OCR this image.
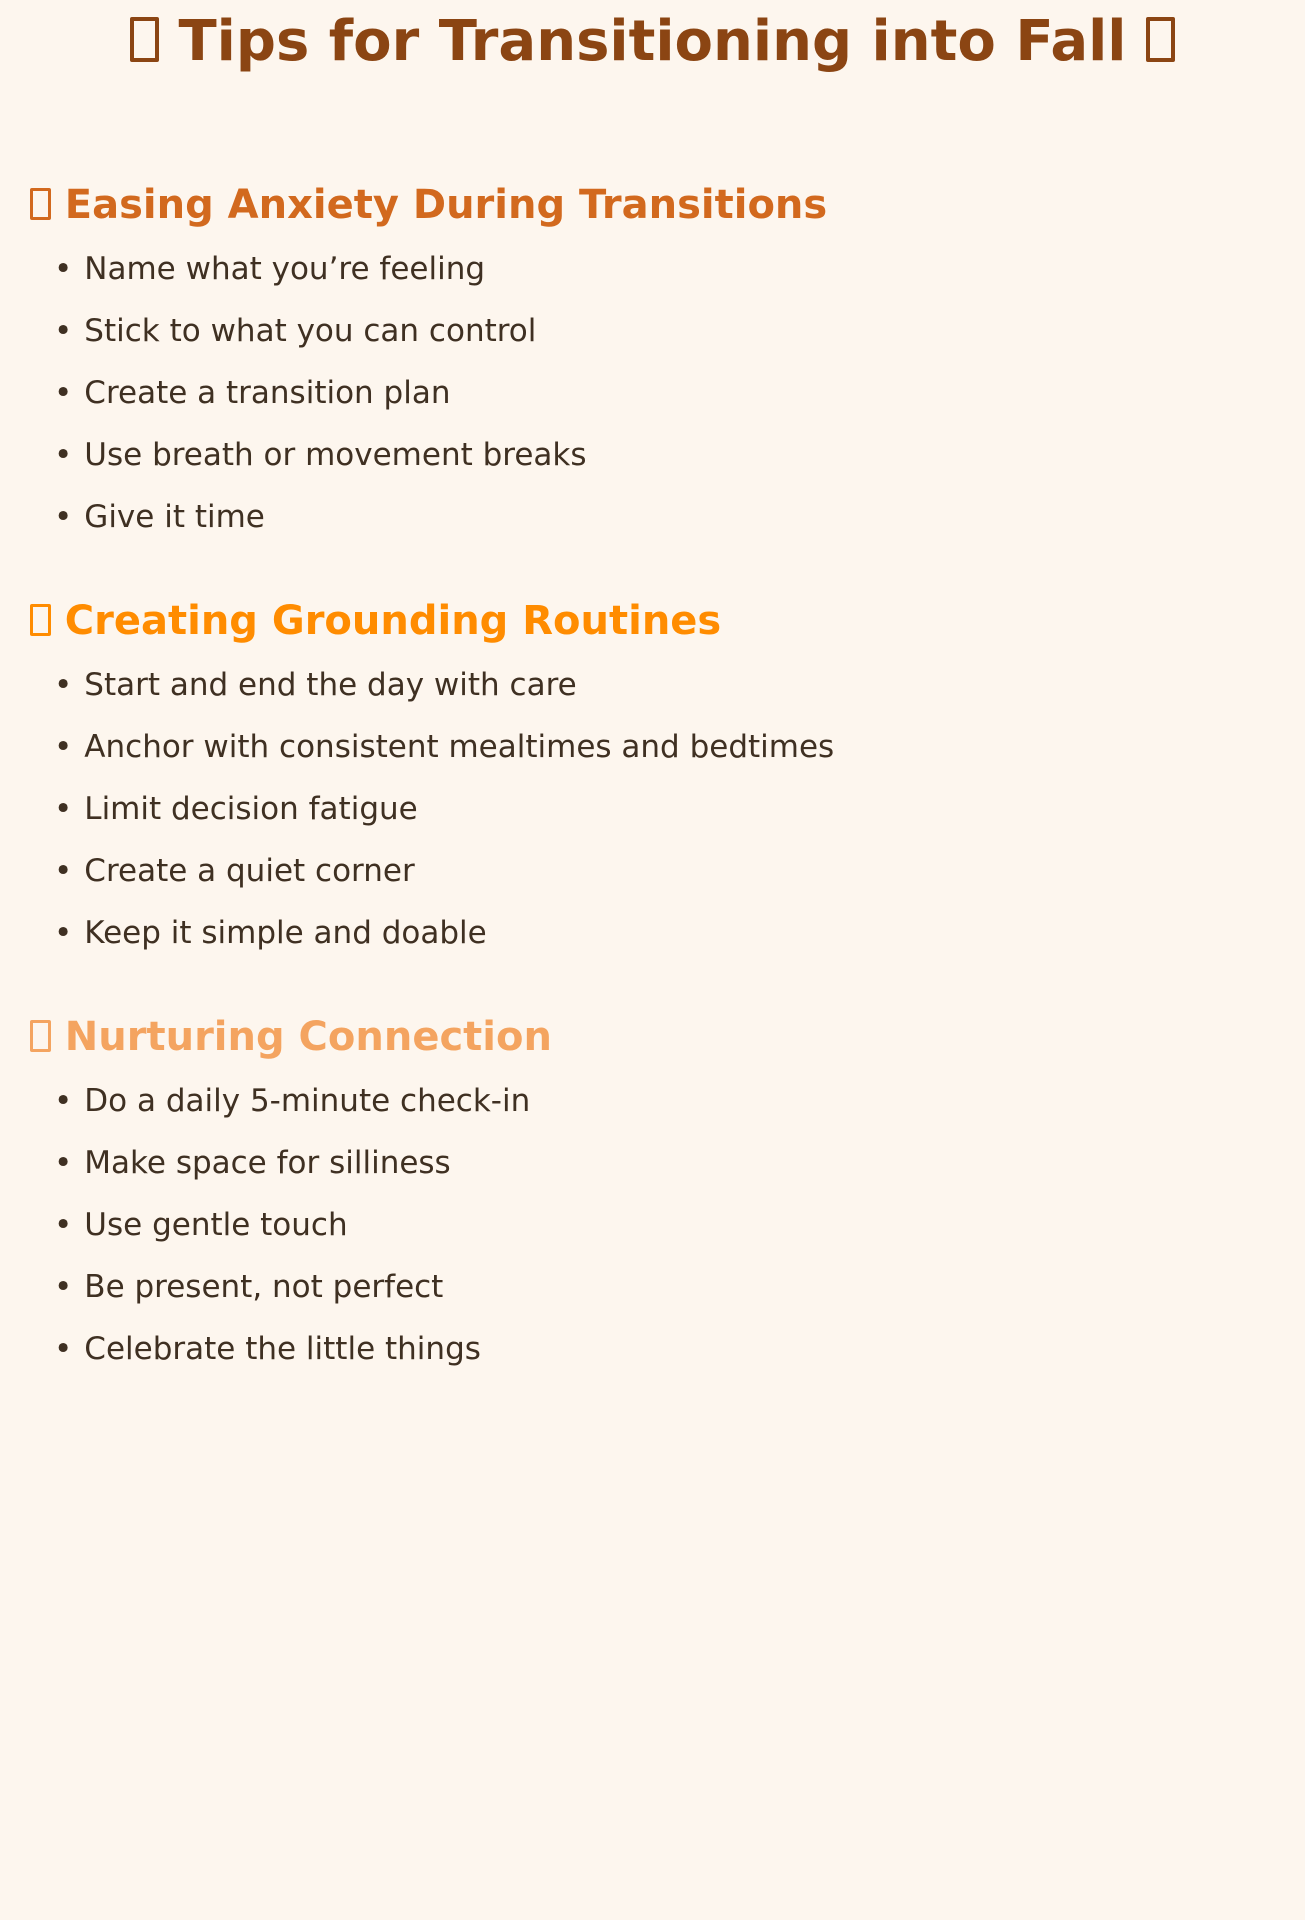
Tips for Transitioning into Fall
Easing Anxiety During Transitions
• Name what you’re feeling
• Stick to what you can control
• Create a transition plan
• Use breath or movement breaks
• Give it time
Creating Grounding Routines
• Start and end the day with care
• Anchor with consistent mealtimes and bedtimes
• Limit decision fatigue
• Create a quiet corner
• Keep it simple and doable
Nurturing Connection
• Do a daily 5-minute check-in
• Make space for silliness
• Use gentle touch
• Be present, not perfect
• Celebrate the little things
